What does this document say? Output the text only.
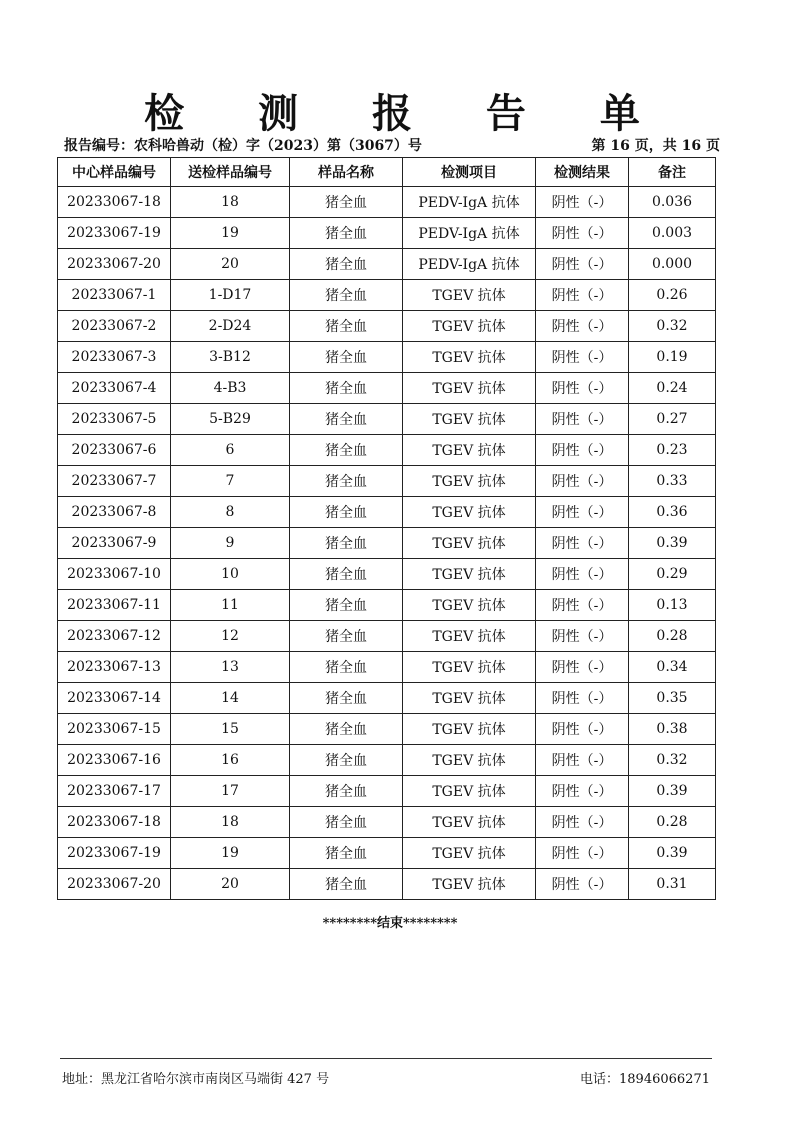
检 测 报 告 单
报告编号：农科哈兽动（检）字（2023）第（3067）号	第 16 页，共 16 页
中心样品编号	送检样品编号	样品名称	检测项目	检测结果	备注
20233067-18	18	猪全血	PEDV-IgA 抗体	阴性（-）	0.036
20233067-19	19	猪全血	PEDV-IgA 抗体	阴性（-）	0.003
20233067-20	20	猪全血	PEDV-IgA 抗体	阴性（-）	0.000
20233067-1	1-D17	猪全血	TGEV 抗体	阴性（-）	0.26
20233067-2	2-D24	猪全血	TGEV 抗体	阴性（-）	0.32
20233067-3	3-B12	猪全血	TGEV 抗体	阴性（-）	0.19
20233067-4	4-B3	猪全血	TGEV 抗体	阴性（-）	0.24
20233067-5	5-B29	猪全血	TGEV 抗体	阴性（-）	0.27
20233067-6	6	猪全血	TGEV 抗体	阴性（-）	0.23
20233067-7	7	猪全血	TGEV 抗体	阴性（-）	0.33
20233067-8	8	猪全血	TGEV 抗体	阴性（-）	0.36
20233067-9	9	猪全血	TGEV 抗体	阴性（-）	0.39
20233067-10	10	猪全血	TGEV 抗体	阴性（-）	0.29
20233067-11	11	猪全血	TGEV 抗体	阴性（-）	0.13
20233067-12	12	猪全血	TGEV 抗体	阴性（-）	0.28
20233067-13	13	猪全血	TGEV 抗体	阴性（-）	0.34
20233067-14	14	猪全血	TGEV 抗体	阴性（-）	0.35
20233067-15	15	猪全血	TGEV 抗体	阴性（-）	0.38
20233067-16	16	猪全血	TGEV 抗体	阴性（-）	0.32
20233067-17	17	猪全血	TGEV 抗体	阴性（-）	0.39
20233067-18	18	猪全血	TGEV 抗体	阴性（-）	0.28
20233067-19	19	猪全血	TGEV 抗体	阴性（-）	0.39
20233067-20	20	猪全血	TGEV 抗体	阴性（-）	0.31
********结束********
地址：黑龙江省哈尔滨市南岗区马端街 427 号	电话：18946066271
